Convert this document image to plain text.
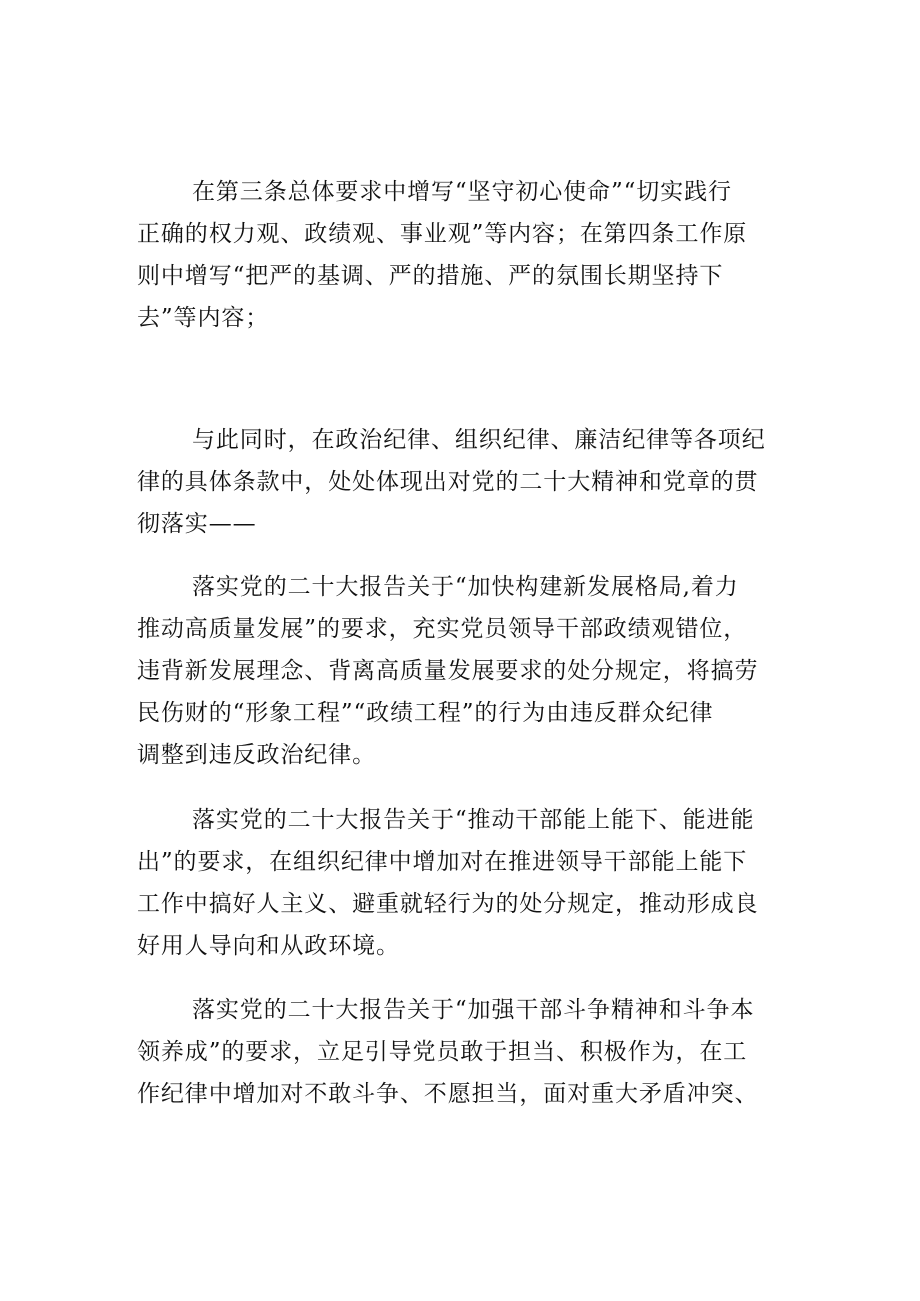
在第三条总体要求中增写“坚守初心使命”“切实践行
正确的权力观、政绩观、事业观”等内容；在第四条工作原
则中增写“把严的基调、严的措施、严的氛围长期坚持下
去”等内容；
与此同时，在政治纪律、组织纪律、廉洁纪律等各项纪
律的具体条款中，处处体现出对党的二十大精神和党章的贯
彻落实——
落实党的二十大报告关于“加快构建新发展格局,着力
推动高质量发展”的要求，充实党员领导干部政绩观错位，
违背新发展理念、背离高质量发展要求的处分规定，将搞劳
民伤财的“形象工程”“政绩工程”的行为由违反群众纪律
调整到违反政治纪律。
落实党的二十大报告关于“推动干部能上能下、能进能
出”的要求，在组织纪律中增加对在推进领导干部能上能下
工作中搞好人主义、避重就轻行为的处分规定，推动形成良
好用人导向和从政环境。
落实党的二十大报告关于“加强干部斗争精神和斗争本
领养成”的要求，立足引导党员敢于担当、积极作为，在工
作纪律中增加对不敢斗争、不愿担当，面对重大矛盾冲突、
